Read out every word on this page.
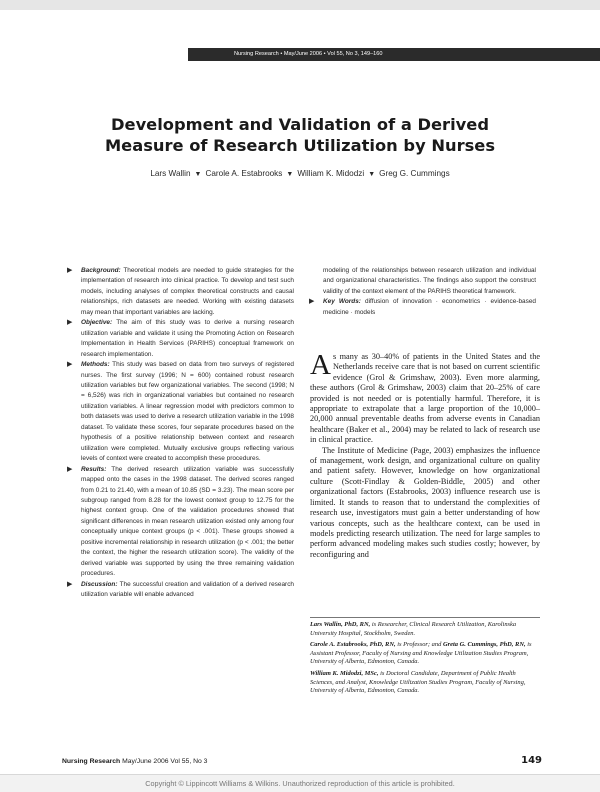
Nursing Research • May/June 2006 • Vol 55, No 3, 149–160
Development and Validation of a Derived
Measure of Research Utilization by Nurses
Lars Wallin ▼ Carole A. Estabrooks ▼ William K. Midodzi ▼ Greg G. Cummings
▶ Background: Theoretical models are needed to guide strategies for the implementation of research into clinical practice. To develop and test such models, including analyses of complex theoretical constructs and causal relationships, rich datasets are needed. Working with existing datasets may mean that important variables are lacking.
▶ Objective: The aim of this study was to derive a nursing research utilization variable and validate it using the Promoting Action on Research Implementation in Health Services (PARIHS) conceptual framework on research implementation.
▶ Methods: This study was based on data from two surveys of registered nurses. The first survey (1996; N = 600) contained robust research utilization variables but few organizational variables. The second (1998; N = 6,526) was rich in organizational variables but contained no research utilization variables. A linear regression model with predictors common to both datasets was used to derive a research utilization variable in the 1998 dataset. To validate these scores, four separate procedures based on the hypothesis of a positive relationship between context and research utilization were completed. Mutually exclusive groups reflecting various levels of context were created to accomplish these procedures.
▶ Results: The derived research utilization variable was successfully mapped onto the cases in the 1998 dataset. The derived scores ranged from 0.21 to 21.40, with a mean of 10.85 (SD = 3.23). The mean score per subgroup ranged from 8.28 for the lowest context group to 12.75 for the highest context group. One of the validation procedures showed that significant differences in mean research utilization existed only among four conceptually unique context groups (p < .001). These groups showed a positive incremental relationship in research utilization (p < .001; the better the context, the higher the research utilization score). The validity of the derived variable was supported by using the three remaining validation procedures.
▶ Discussion: The successful creation and validation of a derived research utilization variable will enable advanced
modeling of the relationships between research utilization and individual and organizational characteristics. The findings also support the construct validity of the context element of the PARIHS theoretical framework.
▶ Key Words: diffusion of innovation · econometrics · evidence-based medicine · models

As many as 30–40% of patients in the United States and the Netherlands receive care that is not based on current scientific evidence (Grol & Grimshaw, 2003). Even more alarming, these authors (Grol & Grimshaw, 2003) claim that 20–25% of care provided is not needed or is potentially harmful. Therefore, it is appropriate to extrapolate that a large proportion of the 10,000–20,000 annual preventable deaths from adverse events in Canadian healthcare (Baker et al., 2004) may be related to lack of research use in clinical practice.

The Institute of Medicine (Page, 2003) emphasizes the influence of management, work design, and organizational culture on quality and patient safety. However, knowledge on how organizational culture (Scott-Findlay & Golden-Biddle, 2005) and other organizational factors (Estabrooks, 2003) influence research use is limited. It stands to reason that to understand the complexities of research use, investigators must gain a better understanding of how various concepts, such as the healthcare context, can be used in models predicting research utilization. The need for large samples to perform advanced modeling makes such studies costly; however, by reconfiguring and

Lars Wallin, PhD, RN, is Researcher, Clinical Research Utilization, Karolinska University Hospital, Stockholm, Sweden.

Carole A. Estabrooks, PhD, RN, is Professor; and Greta G. Cummings, PhD, RN, is Assistant Professor, Faculty of Nursing and Knowledge Utilization Studies Program, University of Alberta, Edmonton, Canada.

William K. Midodzi, MSc, is Doctoral Candidate, Department of Public Health Sciences, and Analyst, Knowledge Utilization Studies Program, Faculty of Nursing, University of Alberta, Edmonton, Canada.

Nursing Research May/June 2006 Vol 55, No 3	149
Copyright © Lippincott Williams & Wilkins. Unauthorized reproduction of this article is prohibited.
